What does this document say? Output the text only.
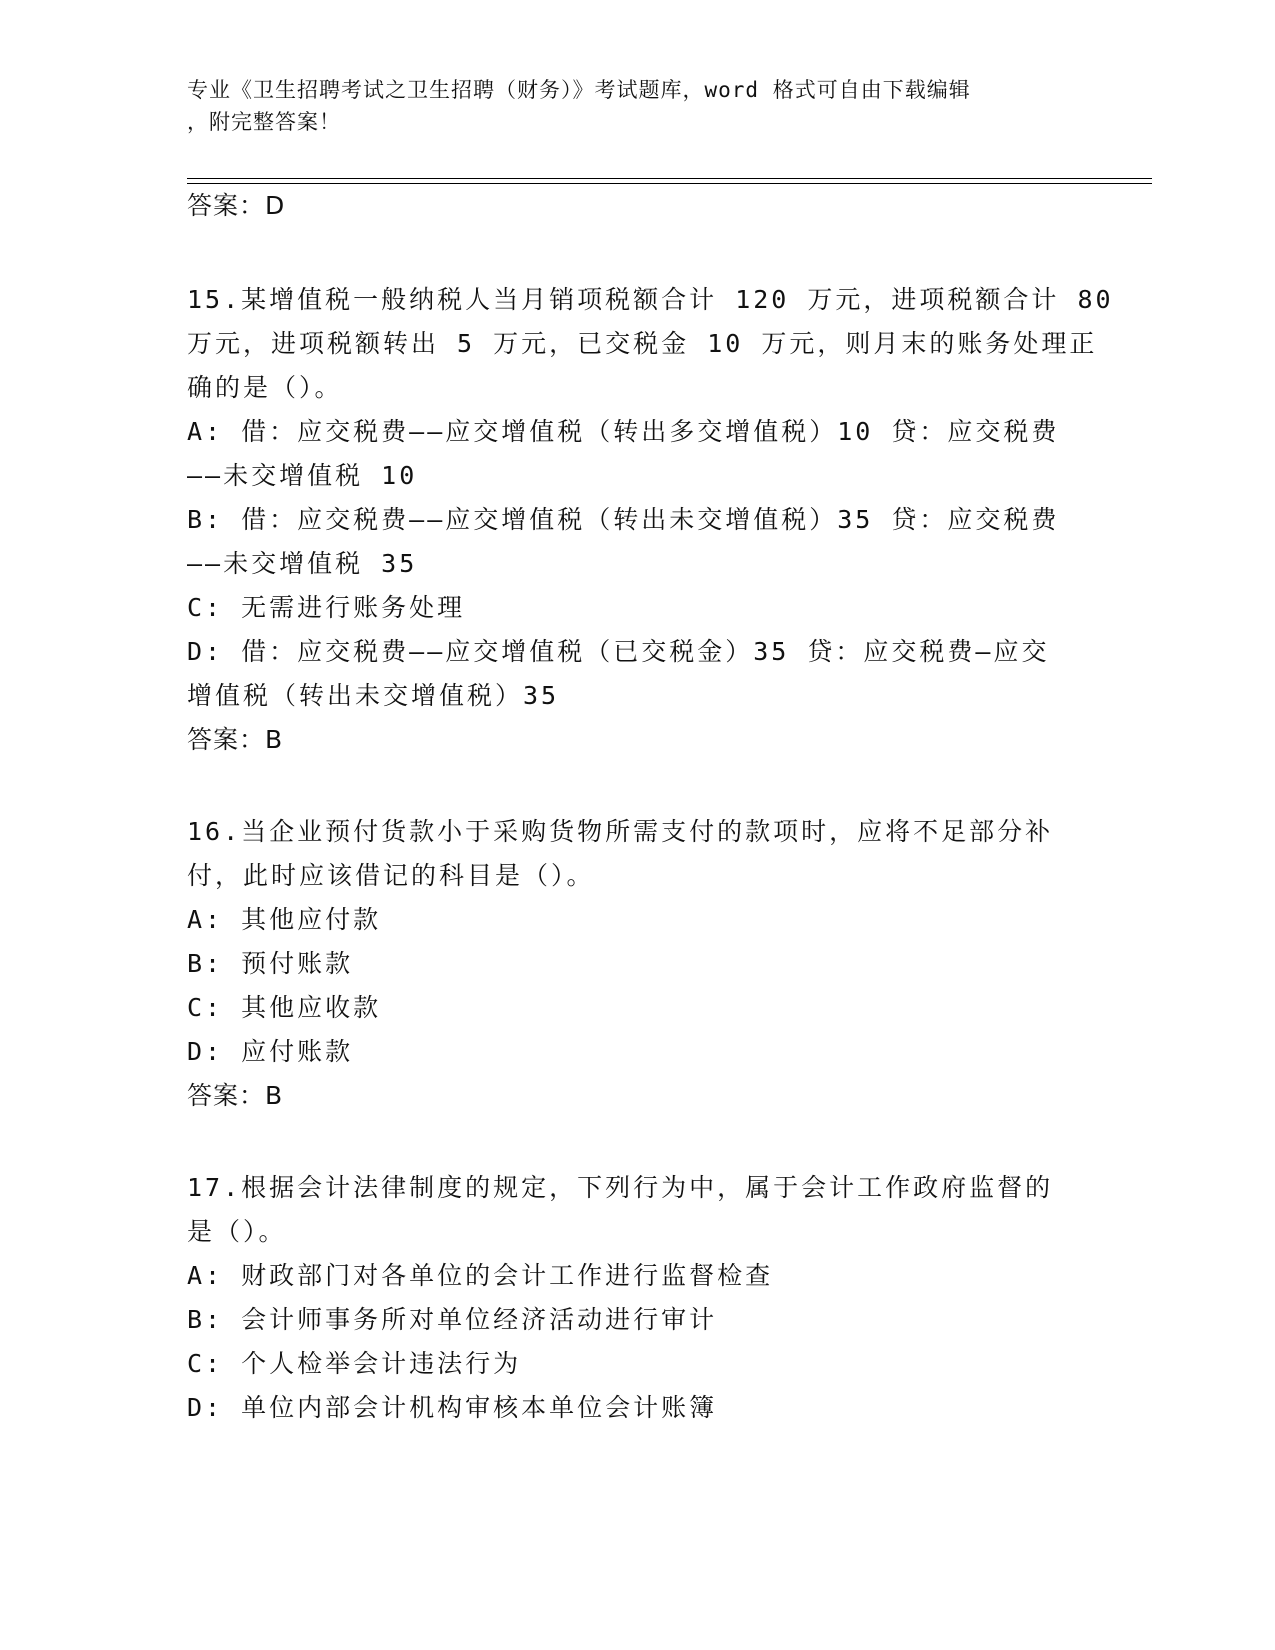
专业《卫生招聘考试之卫生招聘（财务）》考试题库，word 格式可自由下载编辑
，附完整答案！
答案：D
15.某增值税一般纳税人当月销项税额合计 120 万元，进项税额合计 80
万元，进项税额转出 5 万元，已交税金 10 万元，则月末的账务处理正
确的是（）。
A: 借：应交税费——应交增值税（转出多交增值税）10 贷：应交税费
——未交增值税 10
B: 借：应交税费——应交增值税（转出未交增值税）35 贷：应交税费
——未交增值税 35
C: 无需进行账务处理
D: 借：应交税费——应交增值税（已交税金）35 贷：应交税费—应交
增值税（转出未交增值税）35
答案：B
16.当企业预付货款小于采购货物所需支付的款项时，应将不足部分补
付，此时应该借记的科目是（）。
A: 其他应付款
B: 预付账款
C: 其他应收款
D: 应付账款
答案：B
17.根据会计法律制度的规定，下列行为中，属于会计工作政府监督的
是（）。
A: 财政部门对各单位的会计工作进行监督检查
B: 会计师事务所对单位经济活动进行审计
C: 个人检举会计违法行为
D: 单位内部会计机构审核本单位会计账簿
